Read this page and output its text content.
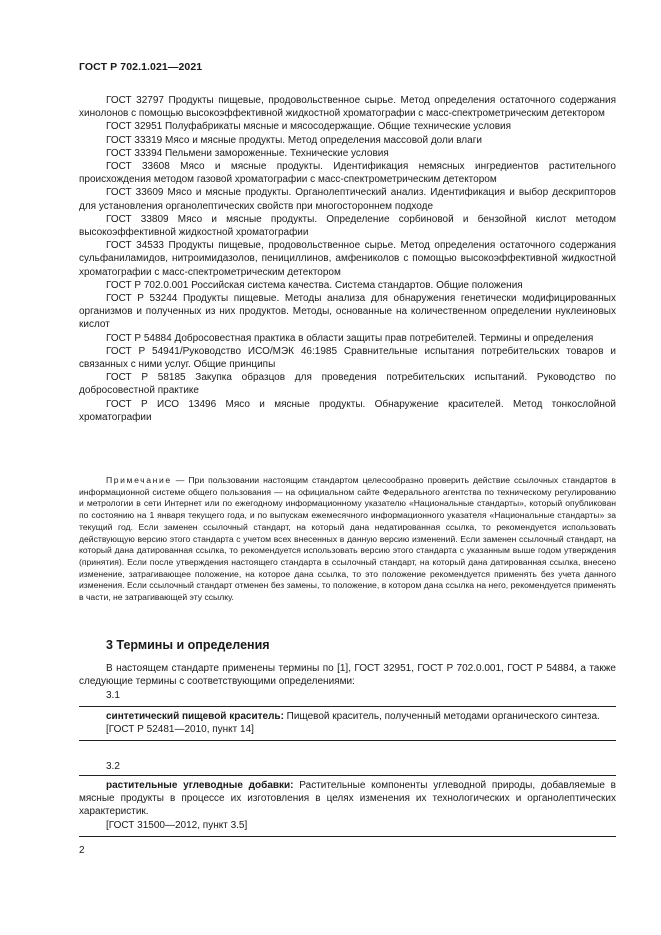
ГОСТ Р 702.1.021—2021

ГОСТ 32797 Продукты пищевые, продовольственное сырье. Метод определения остаточного содержания хинолонов с помощью высокоэффективной жидкостной хроматографии с масс-спектрометрическим детектором

ГОСТ 32951 Полуфабрикаты мясные и мясосодержащие. Общие технические условия

ГОСТ 33319 Мясо и мясные продукты. Метод определения массовой доли влаги

ГОСТ 33394 Пельмени замороженные. Технические условия

ГОСТ 33608 Мясо и мясные продукты. Идентификация немясных ингредиентов растительного происхождения методом газовой хроматографии с масс-спектрометрическим детектором

ГОСТ 33609 Мясо и мясные продукты. Органолептический анализ. Идентификация и выбор дескрипторов для установления органолептических свойств при многостороннем подходе

ГОСТ 33809 Мясо и мясные продукты. Определение сорбиновой и бензойной кислот методом высокоэффективной жидкостной хроматографии

ГОСТ 34533 Продукты пищевые, продовольственное сырье. Метод определения остаточного содержания сульфаниламидов, нитроимидазолов, пенициллинов, амфениколов с помощью высокоэффективной жидкостной хроматографии с масс-спектрометрическим детектором

ГОСТ Р 702.0.001 Российская система качества. Система стандартов. Общие положения

ГОСТ Р 53244 Продукты пищевые. Методы анализа для обнаружения генетически модифицированных организмов и полученных из них продуктов. Методы, основанные на количественном определении нуклеиновых кислот

ГОСТ Р 54884 Добросовестная практика в области защиты прав потребителей. Термины и определения

ГОСТ Р 54941/Руководство ИСО/МЭК 46:1985 Сравнительные испытания потребительских товаров и связанных с ними услуг. Общие принципы

ГОСТ Р 58185 Закупка образцов для проведения потребительских испытаний. Руководство по добросовестной практике

ГОСТ Р ИСО 13496 Мясо и мясные продукты. Обнаружение красителей. Метод тонкослойной хроматографии

Примечание — При пользовании настоящим стандартом целесообразно проверить действие ссылочных стандартов в информационной системе общего пользования — на официальном сайте Федерального агентства по техническому регулированию и метрологии в сети Интернет или по ежегодному информационному указателю «Национальные стандарты», который опубликован по состоянию на 1 января текущего года, и по выпускам ежемесячного информационного указателя «Национальные стандарты» за текущий год. Если заменен ссылочный стандарт, на который дана недатированная ссылка, то рекомендуется использовать действующую версию этого стандарта с учетом всех внесенных в данную версию изменений. Если заменен ссылочный стандарт, на который дана датированная ссылка, то рекомендуется использовать версию этого стандарта с указанным выше годом утверждения (принятия). Если после утверждения настоящего стандарта в ссылочный стандарт, на который дана датированная ссылка, внесено изменение, затрагивающее положение, на которое дана ссылка, то это положение рекомендуется применять без учета данного изменения. Если ссылочный стандарт отменен без замены, то положение, в котором дана ссылка на него, рекомендуется применять в части, не затрагивающей эту ссылку.
3 Термины и определения

В настоящем стандарте применены термины по [1], ГОСТ 32951, ГОСТ Р 702.0.001, ГОСТ Р 54884, а также следующие термины с соответствующими определениями:

3.1

синтетический пищевой краситель: Пищевой краситель, полученный методами органического синтеза.

[ГОСТ Р 52481—2010, пункт 14]

3.2

растительные углеводные добавки: Растительные компоненты углеводной природы, добавляемые в мясные продукты в процессе их изготовления в целях изменения их технологических и органолептических характеристик.

[ГОСТ 31500—2012, пункт 3.5]

2
